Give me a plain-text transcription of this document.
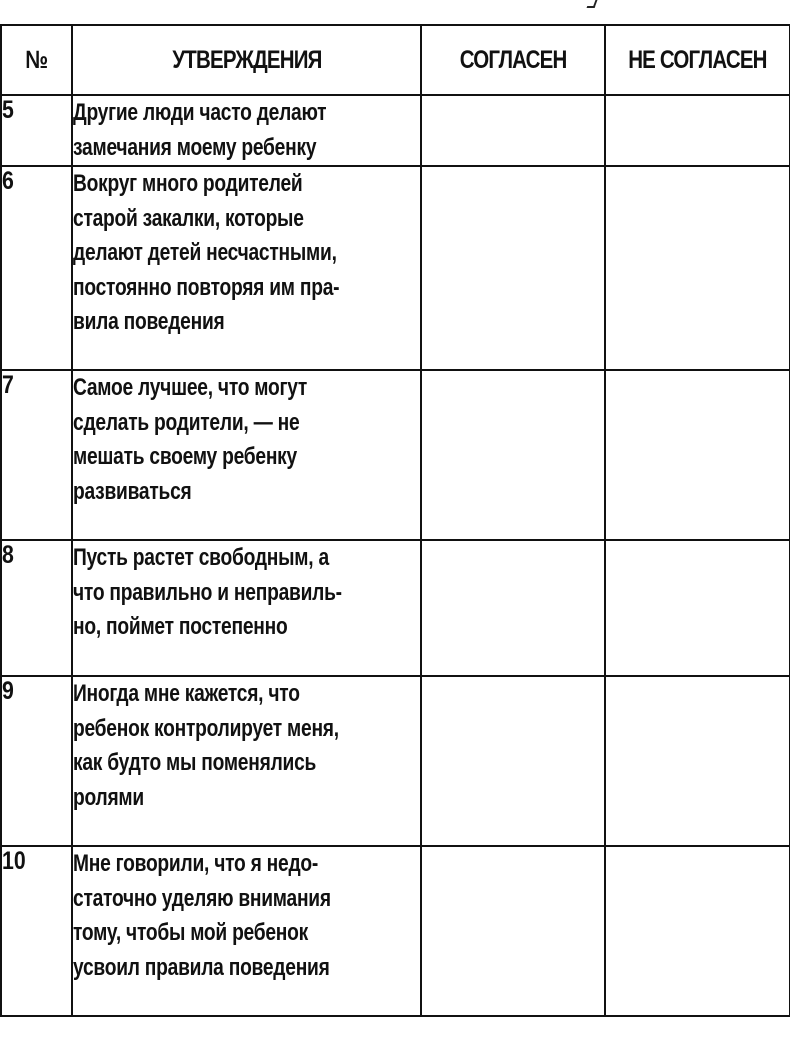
№	УТВЕРЖДЕНИЯ	СОГЛАСЕН	НЕ СОГЛАСЕН
5	Другие люди часто делают
замечания моему ребенку		

6	Вокруг много родителей
старой закалки, которые
делают детей несчастными,
постоянно повторяя им пра-
вила поведения		

7	Самое лучшее, что могут
сделать родители, — не
мешать своему ребенку
развиваться		

8	Пусть растет свободным, а
что правильно и неправиль-
но, поймет постепенно		

9	Иногда мне кажется, что
ребенок контролирует меня,
как будто мы поменялись
ролями		

10	Мне говорили, что я недо-
статочно уделяю внимания
тому, чтобы мой ребенок
усвоил правила поведения		
